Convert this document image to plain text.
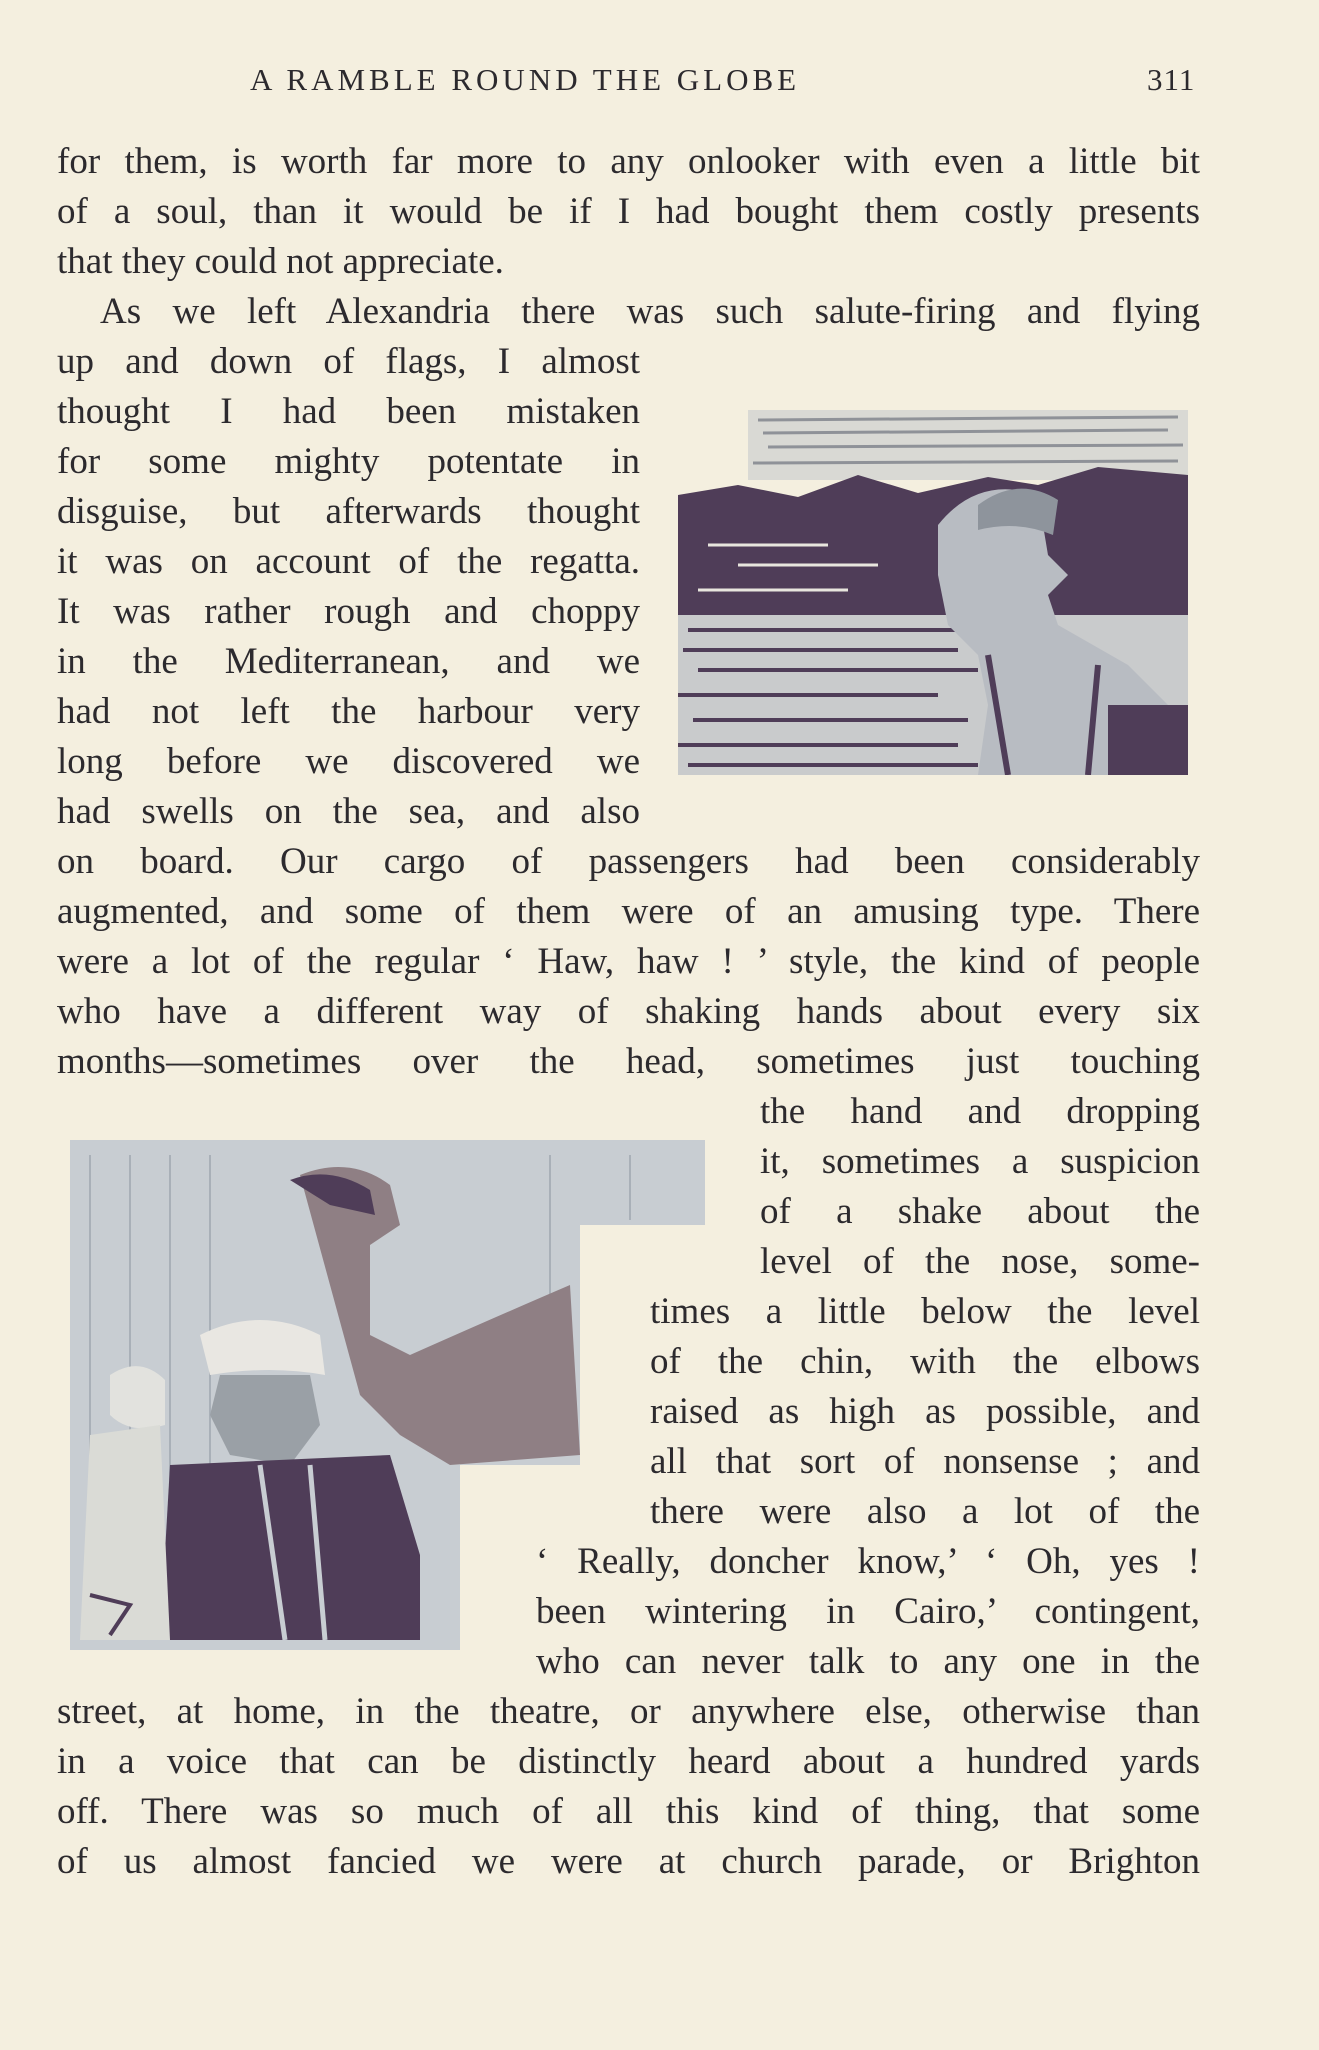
A RAMBLE ROUND THE GLOBE	311
for them, is worth far more to any onlooker with even a little bit
of a soul, than it would be if I had bought them costly presents
that they could not appreciate.
As we left Alexandria there was such salute-firing and flying
up and down of flags, I almost
thought I had been mistaken
for some mighty potentate in
disguise, but afterwards thought
it was on account of the regatta.
It was rather rough and choppy
in the Mediterranean, and we
had not left the harbour very
long before we discovered we
had swells on the sea, and also
on board. Our cargo of passengers had been considerably
augmented, and some of them were of an amusing type. There
were a lot of the regular ‘ Haw, haw ! ’ style, the kind of people
who have a different way of shaking hands about every six
months—sometimes over the head, sometimes just touching
the hand and dropping
it, sometimes a suspicion
of a shake about the
level of the nose, some-
times a little below the level
of the chin, with the elbows
raised as high as possible, and
all that sort of nonsense ; and
there were also a lot of the
‘ Really, doncher know,’ ‘ Oh, yes !
been wintering in Cairo,’ contingent,
who can never talk to any one in the
street, at home, in the theatre, or anywhere else, otherwise than
in a voice that can be distinctly heard about a hundred yards
off. There was so much of all this kind of thing, that some
of us almost fancied we were at church parade, or Brighton
